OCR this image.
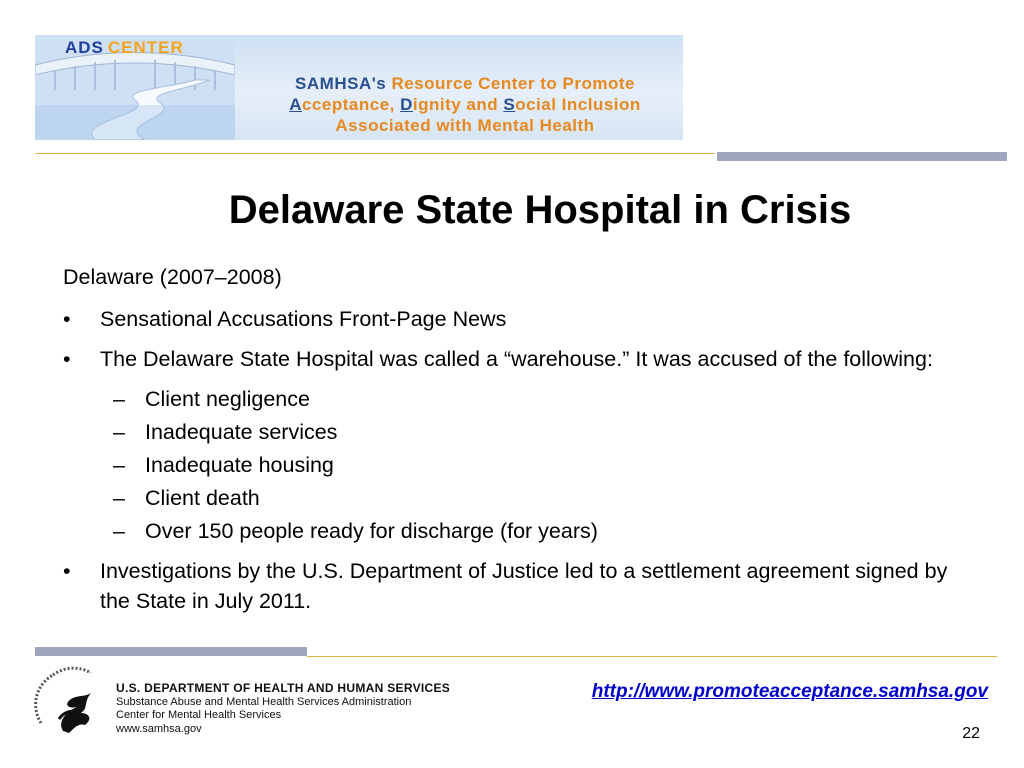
ADS CENTER
SAMHSA's Resource Center to Promote
Acceptance, Dignity and Social Inclusion
Associated with Mental Health
Delaware State Hospital in Crisis
Delaware (2007–2008)
• Sensational Accusations Front-Page News
• The Delaware State Hospital was called a “warehouse.” It was accused of the following:
– Client negligence
– Inadequate services
– Inadequate housing
– Client death
– Over 150 people ready for discharge (for years)
• Investigations by the U.S. Department of Justice led to a settlement agreement signed by the State in July 2011.
U.S. DEPARTMENT OF HEALTH AND HUMAN SERVICES
Substance Abuse and Mental Health Services Administration
Center for Mental Health Services
www.samhsa.gov
http://www.promoteacceptance.samhsa.gov
22
